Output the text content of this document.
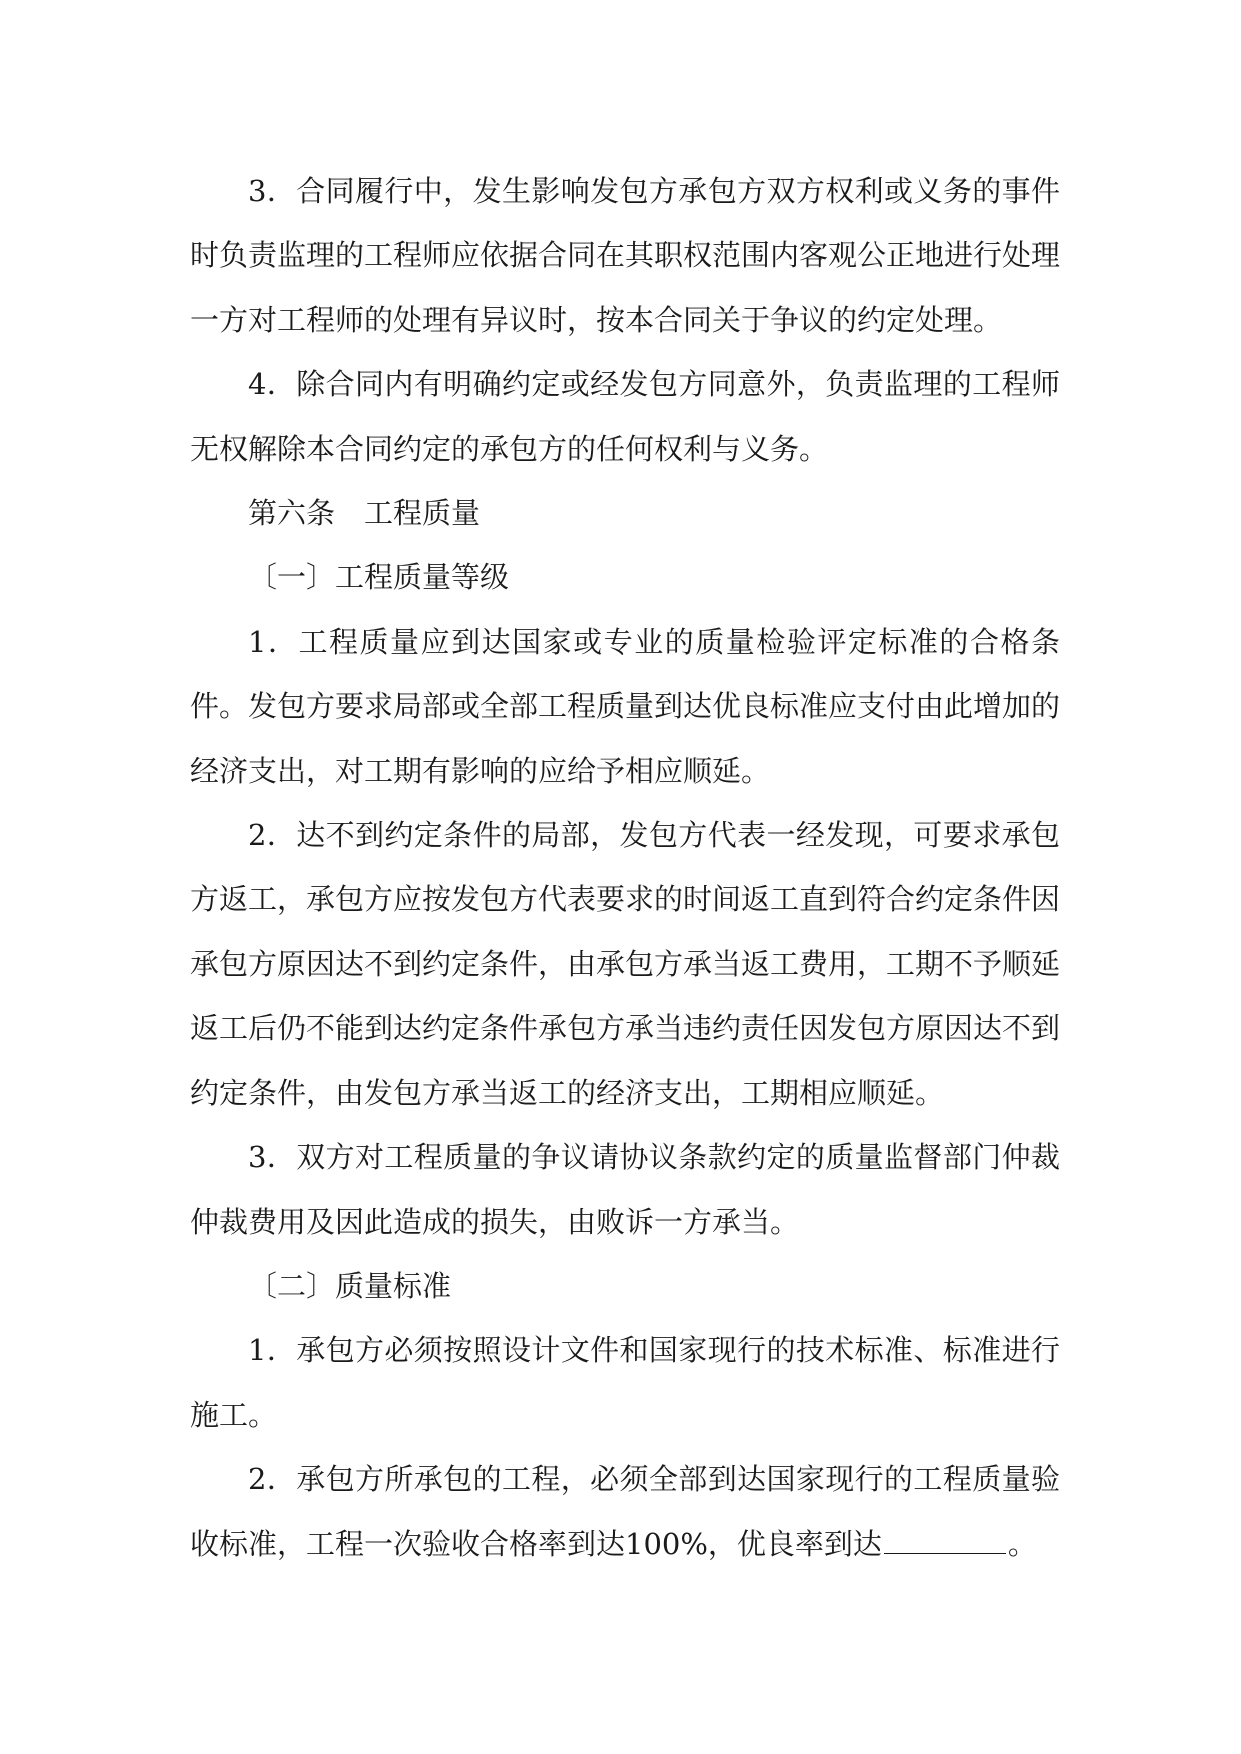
3．合同履行中，发生影响发包方承包方双方权利或义务的事件时负责监理的工程师应依据合同在其职权范围内客观公正地进行处理一方对工程师的处理有异议时，按本合同关于争议的约定处理。

4．除合同内有明确约定或经发包方同意外，负责监理的工程师无权解除本合同约定的承包方的任何权利与义务。

第六条　工程质量

〔一〕工程质量等级

1．工程质量应到达国家或专业的质量检验评定标准的合格条件。发包方要求局部或全部工程质量到达优良标准应支付由此增加的经济支出，对工期有影响的应给予相应顺延。

2．达不到约定条件的局部，发包方代表一经发现，可要求承包方返工，承包方应按发包方代表要求的时间返工直到符合约定条件因承包方原因达不到约定条件，由承包方承当返工费用，工期不予顺延返工后仍不能到达约定条件承包方承当违约责任因发包方原因达不到约定条件，由发包方承当返工的经济支出，工期相应顺延。

3．双方对工程质量的争议请协议条款约定的质量监督部门仲裁仲裁费用及因此造成的损失，由败诉一方承当。

〔二〕质量标准

1．承包方必须按照设计文件和国家现行的技术标准、标准进行施工。

2．承包方所承包的工程，必须全部到达国家现行的工程质量验收标准，工程一次验收合格率到达100%，优良率到达	。
